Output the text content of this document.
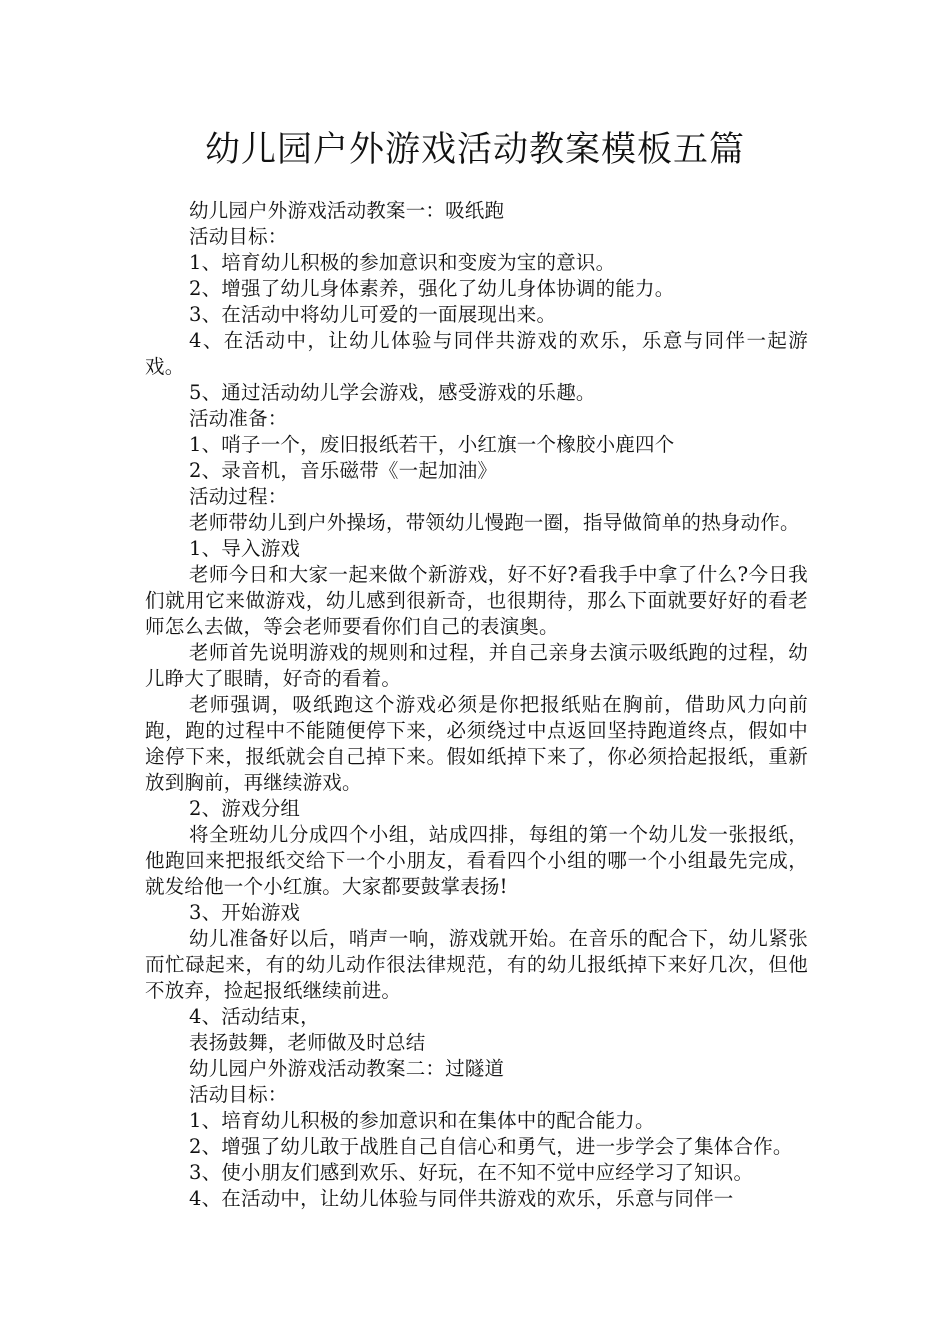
幼儿园户外游戏活动教案模板五篇

幼儿园户外游戏活动教案一：吸纸跑

活动目标：

1、培育幼儿积极的参加意识和变废为宝的意识。

2、增强了幼儿身体素养，强化了幼儿身体协调的能力。

3、在活动中将幼儿可爱的一面展现出来。

4、在活动中，让幼儿体验与同伴共游戏的欢乐，乐意与同伴一起游戏。

5、通过活动幼儿学会游戏，感受游戏的乐趣。

活动准备：

1、哨子一个，废旧报纸若干，小红旗一个橡胶小鹿四个

2、录音机，音乐磁带《一起加油》

活动过程：

老师带幼儿到户外操场，带领幼儿慢跑一圈，指导做简单的热身动作。

1、导入游戏

老师今日和大家一起来做个新游戏，好不好?看我手中拿了什么?今日我们就用它来做游戏，幼儿感到很新奇，也很期待，那么下面就要好好的看老师怎么去做，等会老师要看你们自己的表演奥。

老师首先说明游戏的规则和过程，并自己亲身去演示吸纸跑的过程，幼儿睁大了眼睛，好奇的看着。

老师强调，吸纸跑这个游戏必须是你把报纸贴在胸前，借助风力向前跑，跑的过程中不能随便停下来，必须绕过中点返回坚持跑道终点，假如中途停下来，报纸就会自己掉下来。假如纸掉下来了，你必须拾起报纸，重新放到胸前，再继续游戏。

2、游戏分组

将全班幼儿分成四个小组，站成四排，每组的第一个幼儿发一张报纸，他跑回来把报纸交给下一个小朋友，看看四个小组的哪一个小组最先完成，就发给他一个小红旗。大家都要鼓掌表扬!

3、开始游戏

幼儿准备好以后，哨声一响，游戏就开始。在音乐的配合下，幼儿紧张而忙碌起来，有的幼儿动作很法律规范，有的幼儿报纸掉下来好几次，但他不放弃，捡起报纸继续前进。

4、活动结束，

表扬鼓舞，老师做及时总结

幼儿园户外游戏活动教案二：过隧道

活动目标：

1、培育幼儿积极的参加意识和在集体中的配合能力。

2、增强了幼儿敢于战胜自己自信心和勇气，进一步学会了集体合作。

3、使小朋友们感到欢乐、好玩，在不知不觉中应经学习了知识。

4、在活动中，让幼儿体验与同伴共游戏的欢乐，乐意与同伴一
